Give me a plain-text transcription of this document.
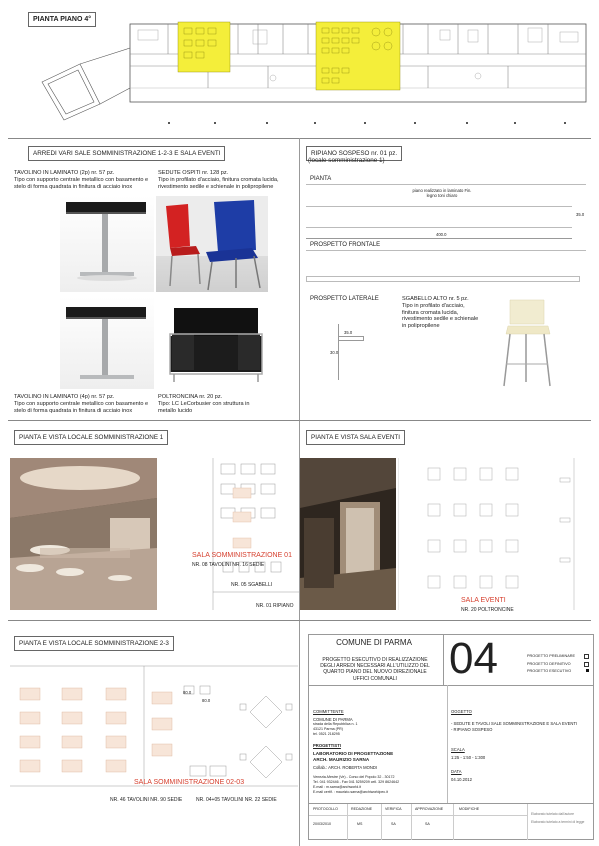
PIANTA PIANO 4°
ARREDI VARI SALE SOMMINISTRAZIONE 1-2-3 E SALA EVENTI
TAVOLINO IN LAMINATO (2p) nr. 57 pz.
Tipo con supporto centrale metallico con basamento e stelo di forma quadrata in finitura di acciaio inox
SEDUTE OSPITI nr. 128 pz.
Tipo in profilato d'acciaio, finitura cromata lucida, rivestimento sedile e schienale in polipropilene
TAVOLINO IN LAMINATO (4p) nr. 57 pz.
Tipo con supporto centrale metallico con basamento e stelo di forma quadrata in finitura di acciaio inox
POLTRONCINA nr. 20 pz.
Tipo: LC LeCorbusier con struttura in metallo lucido
RIPIANO SOSPESO nr. 01 pz.
(locale somministrazione 1)
PIANTA
piano realizzato in laminato Fin. legno toni chiaro
35.0
400.0
PROSPETTO FRONTALE
PROSPETTO LATERALE
35.0
30.0
SGABELLO ALTO nr. 5 pz.
Tipo in profilato d'acciaio, finitura cromata lucida, rivestimento sedile e schienale in polipropilene
PIANTA E VISTA LOCALE SOMMINISTRAZIONE 1
SALA SOMMINISTRAZIONE 01
NR. 08 TAVOLINI NR. 16 SEDIE
NR. 05 SGABELLI
NR. 01 RIPIANO
PIANTA E VISTA SALA EVENTI
SALA EVENTI
NR. 20 POLTRONCINE
PIANTA E VISTA LOCALE SOMMINISTRAZIONE 2-3
80.0
80.0
SALA SOMMINISTRAZIONE 02-03
NR. 46 TAVOLINI NR. 90 SEDIE	NR. 04+05 TAVOLINI NR. 22 SEDIE
COMUNE DI PARMA
PROGETTO ESECUTIVO DI REALIZZAZIONE DEGLI ARREDI NECESSARI ALL'UTILIZZO DEL QUARTO PIANO DEL NUOVO DIREZIONALE UFFICI COMUNALI	04	PROGETTO PRELIMINARE
PROGETTO DEFINITIVO
PROGETTO ESECUTIVO
COMMITTENTE
COMUNE DI PARMA
strada della Repubblica n. 1
43121 Parma (PR)
tel. 0521 218295
PROGETTISTI
LABORATORIO DI PROGETTAZIONE
ARCH. MAURIZIO SARNA
Collab.: ARCH. ROBERTA MONDI
Venezia-Mestre (Ve) - Corso del Popolo 32 - 30172
Tel. 041 932446 - Fax 041 5259209 cell. 329 8624642
E.mail : m.sarna@archworld.it
E.mail certif. : maurizio.sarna@archiworldpec.it
OGGETTO
- SEDUTE E TAVOLI SALE SOMMINISTRAZIONE E SALA EVENTI
- RIPIANO SOSPESO
SCALA
1:25 - 1:50 - 1:300
DATA
04.10.2012
PROTOCOLLO	REDAZIONE	VERIFICA	APPROVAZIONE	MODIFICHE
20/03/2010	MS	SA	SA
Elaborato tutelato dall'autore
Elaborato tutelato a termini di legge
